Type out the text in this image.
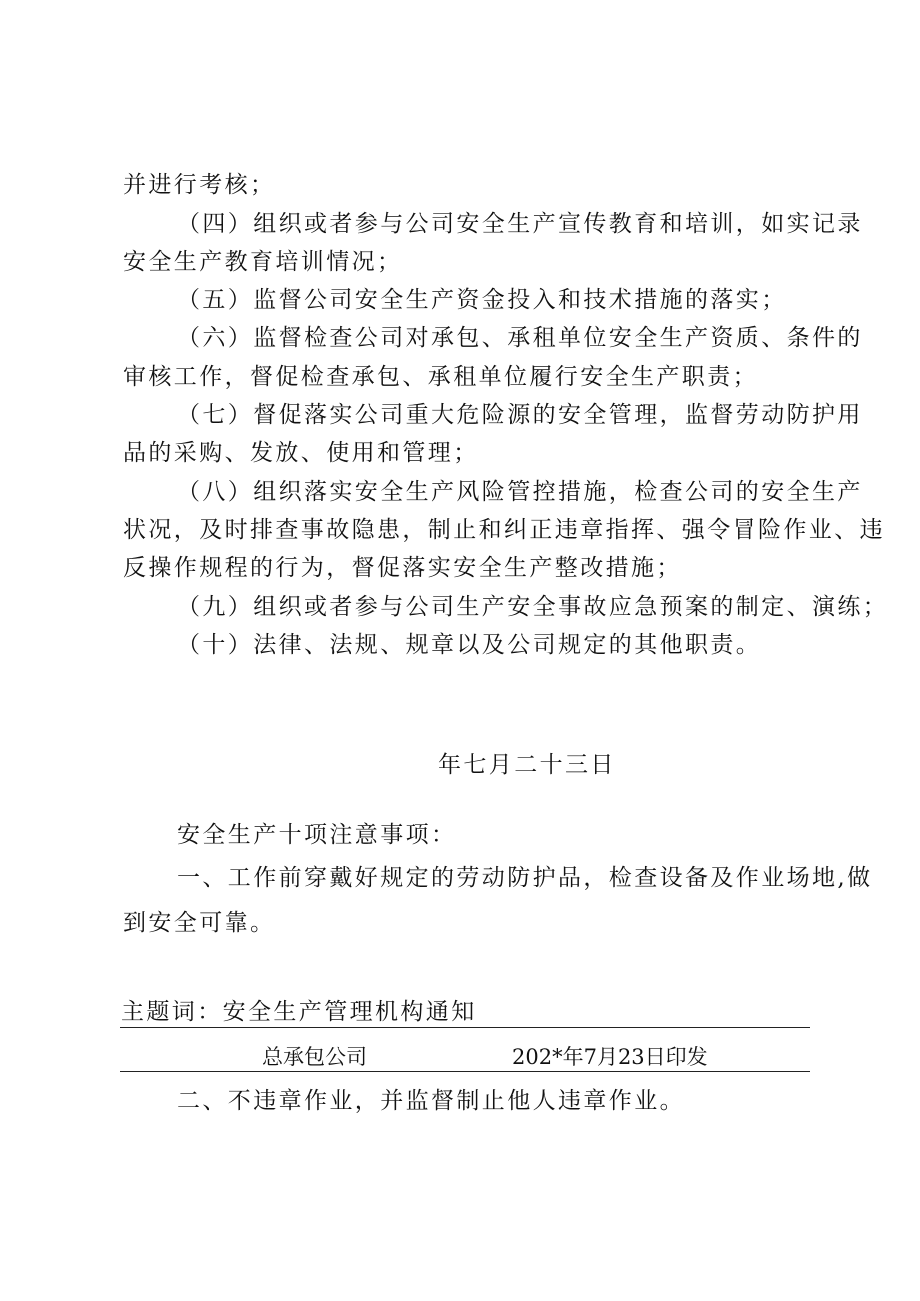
并进行考核；
（四）组织或者参与公司安全生产宣传教育和培训，如实记录
安全生产教育培训情况；
（五）监督公司安全生产资金投入和技术措施的落实；
（六）监督检查公司对承包、承租单位安全生产资质、条件的
审核工作，督促检查承包、承租单位履行安全生产职责；
（七）督促落实公司重大危险源的安全管理，监督劳动防护用
品的采购、发放、使用和管理；
（八）组织落实安全生产风险管控措施，检查公司的安全生产
状况，及时排查事故隐患，制止和纠正违章指挥、强令冒险作业、违
反操作规程的行为，督促落实安全生产整改措施；
（九）组织或者参与公司生产安全事故应急预案的制定、演练；
（十）法律、法规、规章以及公司规定的其他职责。
年七月二十三日
安全生产十项注意事项：
一、工作前穿戴好规定的劳动防护品，检查设备及作业场地,做
到安全可靠。
主题词：安全生产管理机构通知
总承包公司	202*年7月23日印发
二、不违章作业，并监督制止他人违章作业。
